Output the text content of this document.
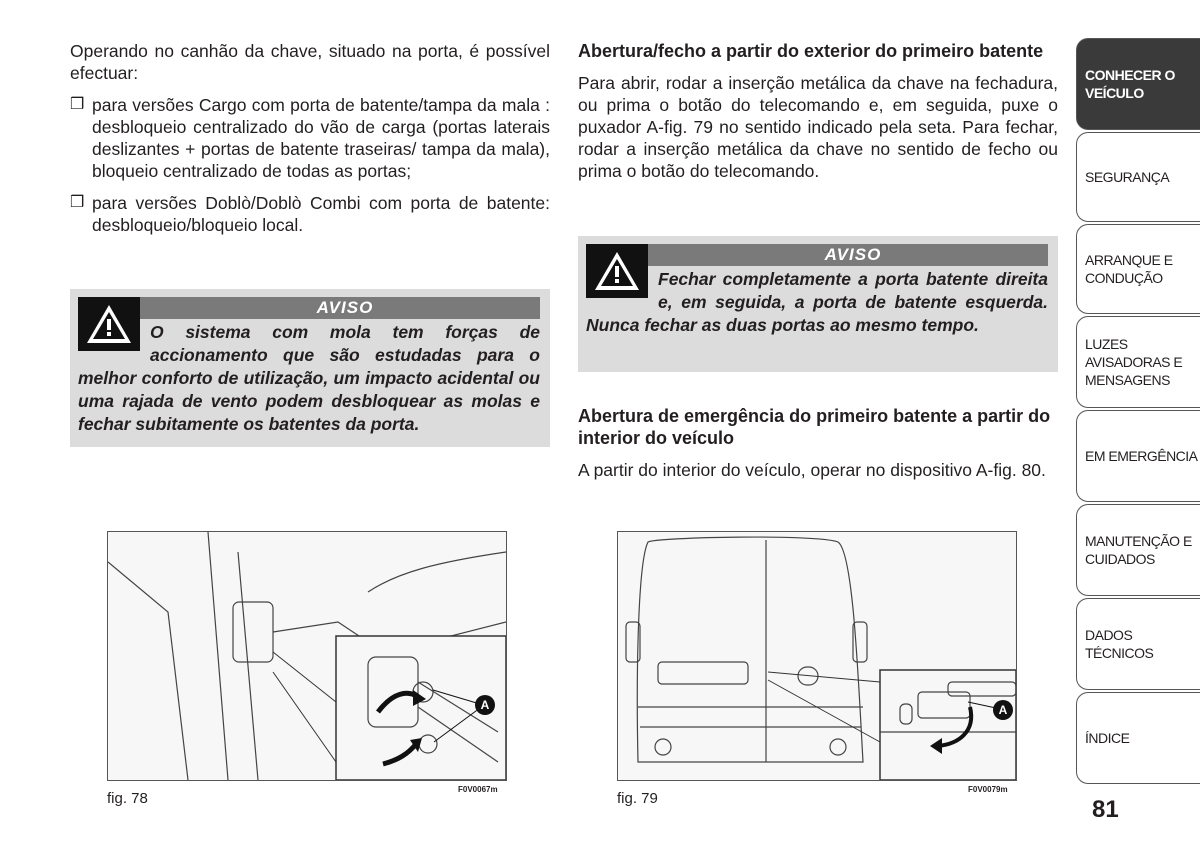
Operando no canhão da chave, situado na porta, é possível efectuar:

❒ para versões Cargo com porta de batente/tampa da mala : desbloqueio centralizado do vão de carga (portas laterais deslizantes + portas de batente traseiras/ tampa da mala), bloqueio centralizado de todas as portas;
❒ para versões Doblò/Doblò Combi com porta de batente: desbloqueio/bloqueio local.
AVISO
O sistema com mola tem forças de accionamento que são estudadas para o melhor conforto de utilização, um impacto acidental ou uma rajada de vento podem desbloquear as molas e fechar subitamente os batentes da porta.

Abertura/fecho a partir do exterior do primeiro batente

Para abrir, rodar a inserção metálica da chave na fechadura, ou prima o botão do telecomando e, em seguida, puxe o puxador A-fig. 79 no sentido indicado pela seta. Para fechar, rodar a inserção metálica da chave no sentido de fecho ou prima o botão do telecomando.

AVISO
Fechar completamente a porta batente direita e, em seguida, a porta de batente esquerda. Nunca fechar as duas portas ao mesmo tempo.

Abertura de emergência do primeiro batente a partir do interior do veículo

A partir do interior do veículo, operar no dispositivo A-fig. 80.

A
fig. 78
F0V0067m
A
fig. 79
F0V0079m
CONHECER O VEÍCULO
SEGURANÇA
ARRANQUE E CONDUÇÃO
LUZES AVISADORAS E MENSAGENS
EM EMERGÊNCIA
MANUTENÇÃO E CUIDADOS
DADOS TÉCNICOS
ÍNDICE
81
